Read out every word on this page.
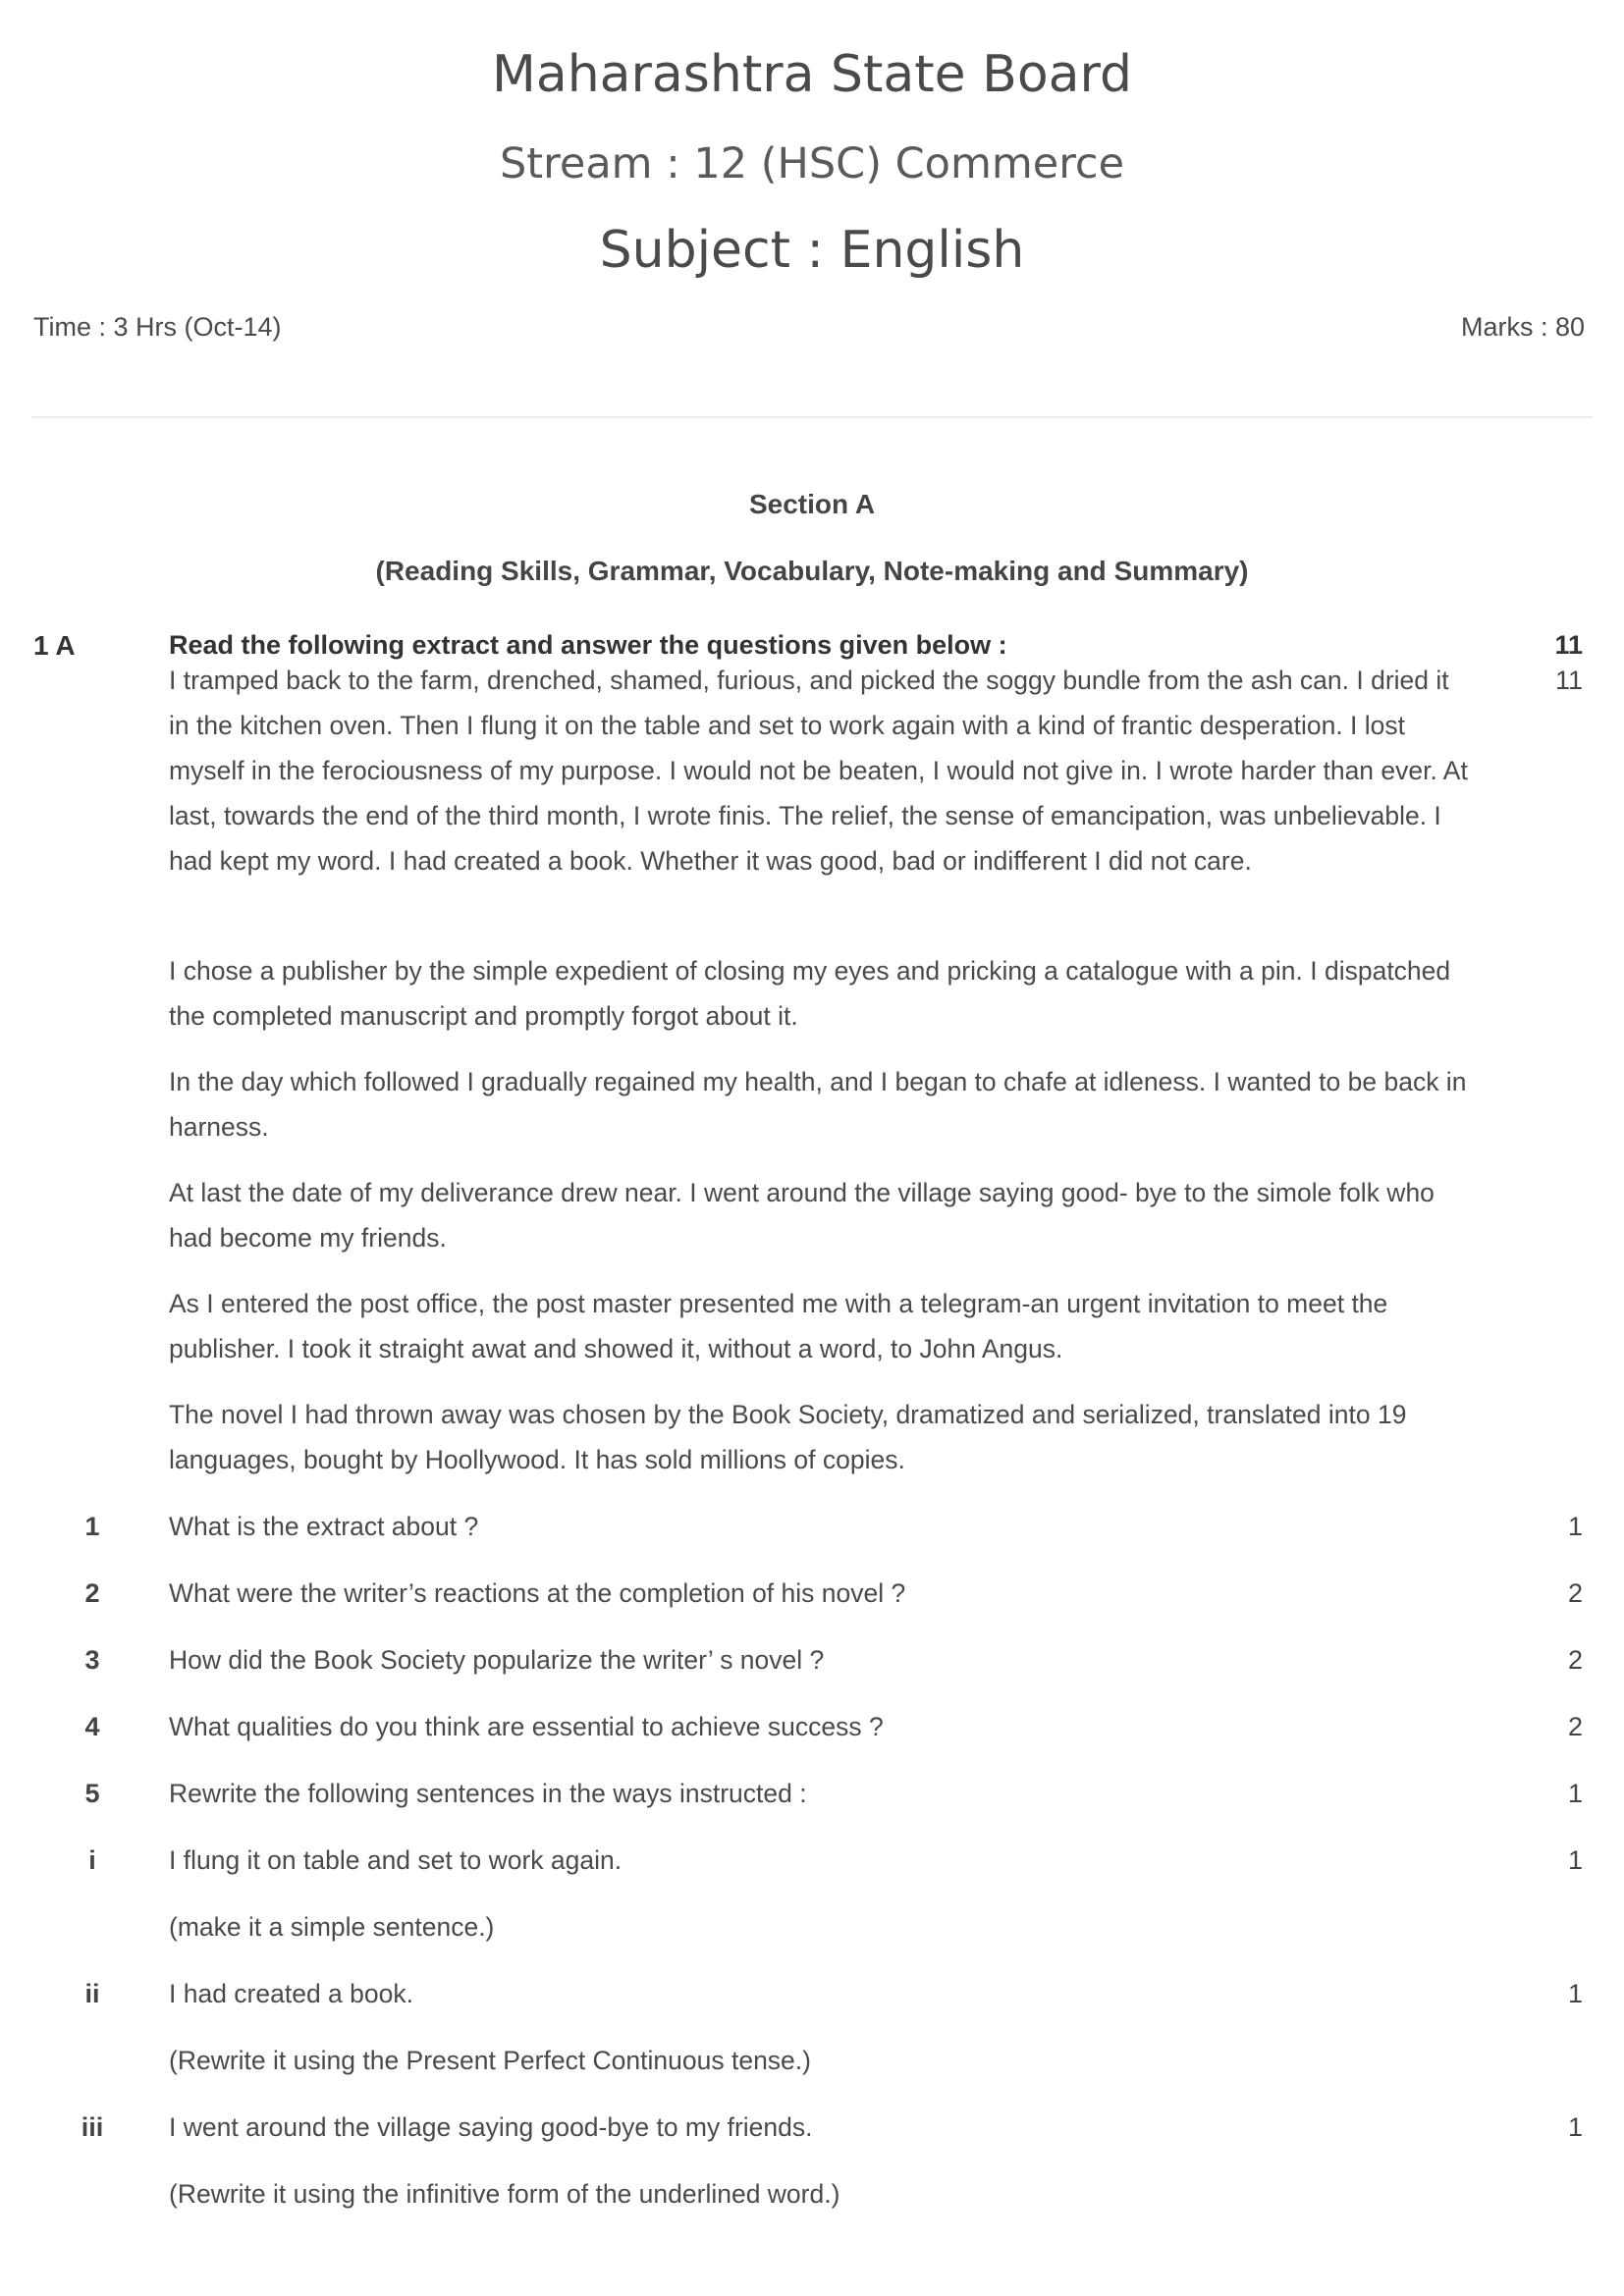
Maharashtra State Board
Stream : 12 (HSC) Commerce
Subject : English
Time : 3 Hrs (Oct-14)	Marks : 80
Section A
(Reading Skills, Grammar, Vocabulary, Note-making and Summary)
1 A	Read the following extract and answer the questions given below :	11
11

I tramped back to the farm, drenched, shamed, furious, and picked the soggy bundle from the ash can. I dried it in the kitchen oven. Then I flung it on the table and set to work again with a kind of frantic desperation. I lost myself in the ferociousness of my purpose. I would not be beaten, I would not give in. I wrote harder than ever. At last, towards the end of the third month, I wrote finis. The relief, the sense of emancipation, was unbelievable. I had kept my word. I had created a book. Whether it was good, bad or indifferent I did not care.

I chose a publisher by the simple expedient of closing my eyes and pricking a catalogue with a pin. I dispatched the completed manuscript and promptly forgot about it.

In the day which followed I gradually regained my health, and I began to chafe at idleness. I wanted to be back in harness.

At last the date of my deliverance drew near. I went around the village saying good- bye to the simole folk who had become my friends.

As I entered the post office, the post master presented me with a telegram-an urgent invitation to meet the publisher. I took it straight awat and showed it, without a word, to John Angus.

The novel I had thrown away was chosen by the Book Society, dramatized and serialized, translated into 19 languages, bought by Hoollywood. It has sold millions of copies.

1	What is the extract about ?	1
2	What were the writer’s reactions at the completion of his novel ?	2
3	How did the Book Society popularize the writer’ s novel ?	2
4	What qualities do you think are essential to achieve success ?	2
5	Rewrite the following sentences in the ways instructed :	1
i	I flung it on table and set to work again.	1
(make it a simple sentence.)
ii	I had created a book.	1
(Rewrite it using the Present Perfect Continuous tense.)
iii	I went around the village saying good-bye to my friends.	1
(Rewrite it using the infinitive form of the underlined word.)
